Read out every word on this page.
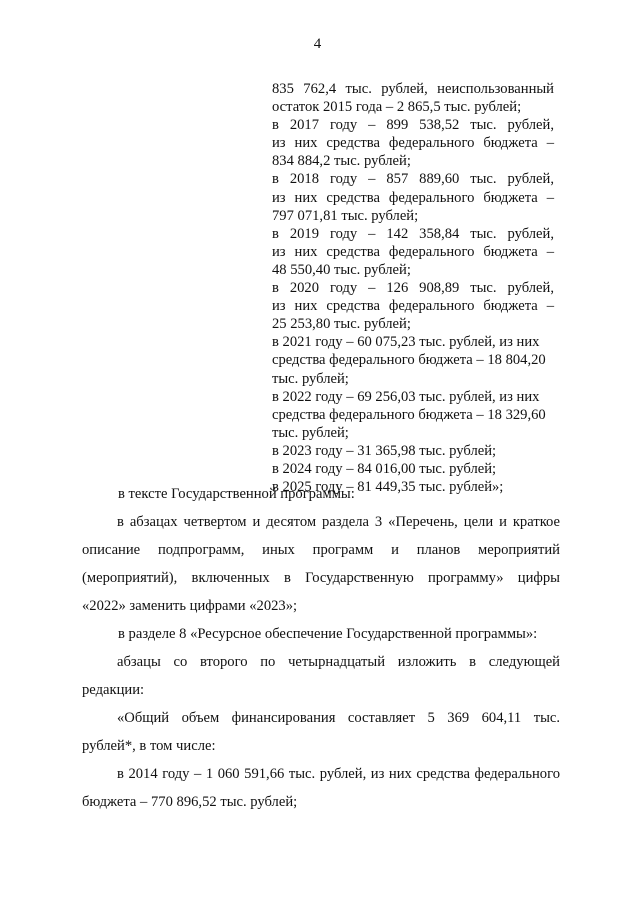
4
835 762,4 тыс. рублей, неиспользованный
остаток 2015 года – 2 865,5 тыс. рублей;
в 2017 году – 899 538,52 тыс. рублей,
из них средства федерального бюджета –
834 884,2 тыс. рублей;
в 2018 году – 857 889,60 тыс. рублей,
из них средства федерального бюджета –
797 071,81 тыс. рублей;
в 2019 году – 142 358,84 тыс. рублей,
из них средства федерального бюджета –
48 550,40 тыс. рублей;
в 2020 году – 126 908,89 тыс. рублей,
из них средства федерального бюджета –
25 253,80 тыс. рублей;
в 2021 году – 60 075,23 тыс. рублей, из них
средства федерального бюджета – 18 804,20
тыс. рублей;
в 2022 году – 69 256,03 тыс. рублей, из них
средства федерального бюджета – 18 329,60
тыс. рублей;
в 2023 году – 31 365,98 тыс. рублей;
в 2024 году – 84 016,00 тыс. рублей;
в 2025 году – 81 449,35 тыс. рублей»;
в тексте Государственной программы:
в абзацах четвертом и десятом раздела 3 «Перечень, цели и краткое
описание подпрограмм, иных программ и планов мероприятий
(мероприятий), включенных в Государственную программу» цифры
«2022» заменить цифрами «2023»;
в разделе 8 «Ресурсное обеспечение Государственной программы»:
абзацы со второго по четырнадцатый изложить в следующей
редакции:
«Общий объем финансирования составляет 5 369 604,11 тыс.
рублей*, в том числе:
в 2014 году – 1 060 591,66 тыс. рублей, из них средства федерального
бюджета – 770 896,52 тыс. рублей;
